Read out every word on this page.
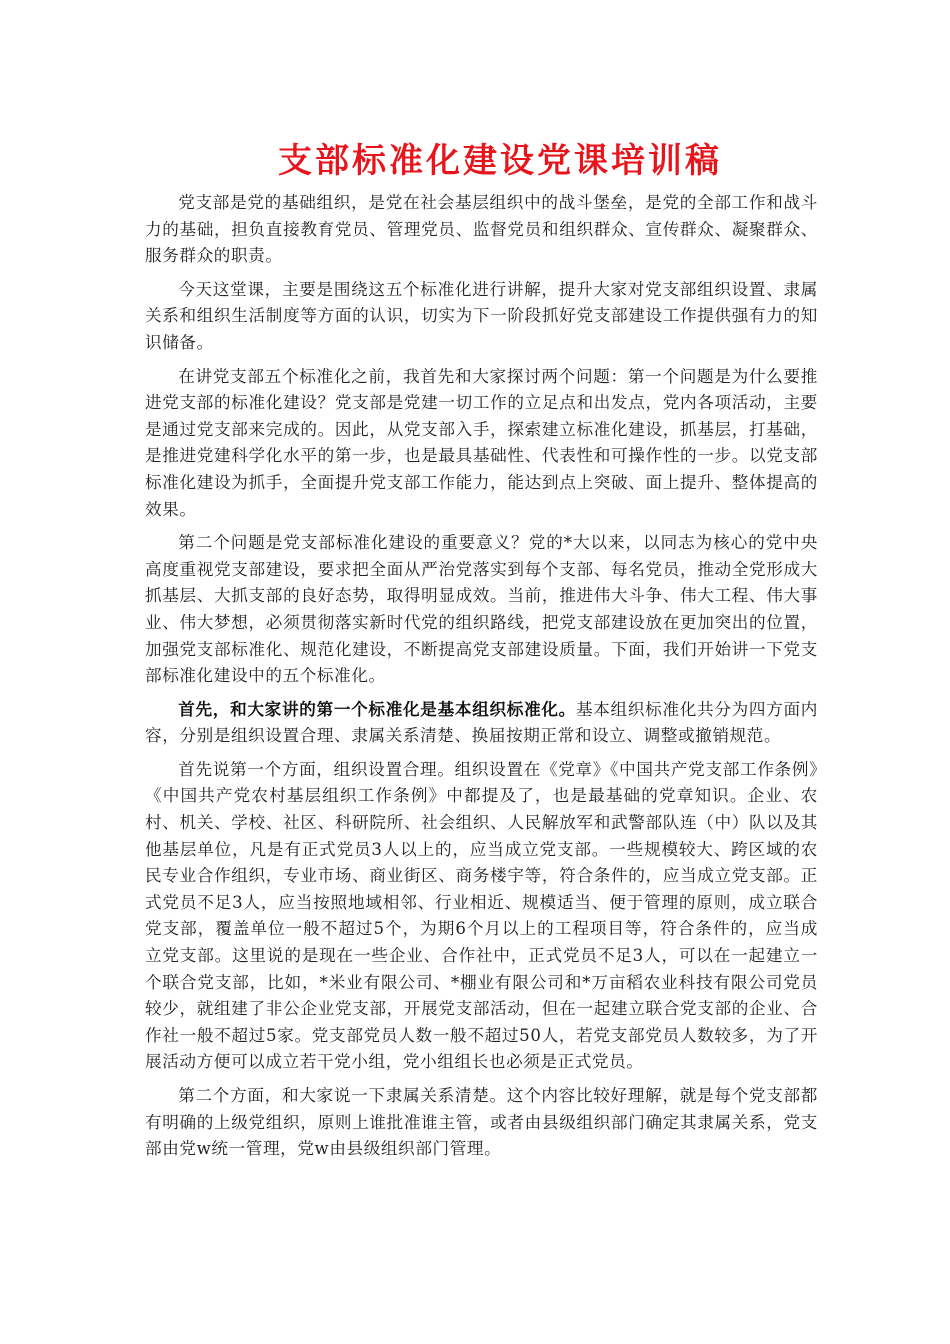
支部标准化建设党课培训稿

党支部是党的基础组织，是党在社会基层组织中的战斗堡垒，是党的全部工作和战斗力的基础，担负直接教育党员、管理党员、监督党员和组织群众、宣传群众、凝聚群众、服务群众的职责。

今天这堂课，主要是围绕这五个标准化进行讲解，提升大家对党支部组织设置、隶属关系和组织生活制度等方面的认识，切实为下一阶段抓好党支部建设工作提供强有力的知识储备。

在讲党支部五个标准化之前，我首先和大家探讨两个问题：第一个问题是为什么要推进党支部的标准化建设？党支部是党建一切工作的立足点和出发点，党内各项活动，主要是通过党支部来完成的。因此，从党支部入手，探索建立标准化建设，抓基层，打基础，是推进党建科学化水平的第一步，也是最具基础性、代表性和可操作性的一步。以党支部标准化建设为抓手，全面提升党支部工作能力，能达到点上突破、面上提升、整体提高的效果。

第二个问题是党支部标准化建设的重要意义？党的*大以来，以同志为核心的党中央高度重视党支部建设，要求把全面从严治党落实到每个支部、每名党员，推动全党形成大抓基层、大抓支部的良好态势，取得明显成效。当前，推进伟大斗争、伟大工程、伟大事业、伟大梦想，必须贯彻落实新时代党的组织路线，把党支部建设放在更加突出的位置，加强党支部标准化、规范化建设，不断提高党支部建设质量。下面，我们开始讲一下党支部标准化建设中的五个标准化。

首先，和大家讲的第一个标准化是基本组织标准化。基本组织标准化共分为四方面内容，分别是组织设置合理、隶属关系清楚、换届按期正常和设立、调整或撤销规范。

首先说第一个方面，组织设置合理。组织设置在《党章》《中国共产党支部工作条例》《中国共产党农村基层组织工作条例》中都提及了，也是最基础的党章知识。企业、农村、机关、学校、社区、科研院所、社会组织、人民解放军和武警部队连（中）队以及其他基层单位，凡是有正式党员3人以上的，应当成立党支部。一些规模较大、跨区域的农民专业合作组织，专业市场、商业街区、商务楼宇等，符合条件的，应当成立党支部。正式党员不足3人，应当按照地域相邻、行业相近、规模适当、便于管理的原则，成立联合党支部，覆盖单位一般不超过5个，为期6个月以上的工程项目等，符合条件的，应当成立党支部。这里说的是现在一些企业、合作社中，正式党员不足3人，可以在一起建立一个联合党支部，比如，*米业有限公司、*棚业有限公司和*万亩稻农业科技有限公司党员较少，就组建了非公企业党支部，开展党支部活动，但在一起建立联合党支部的企业、合作社一般不超过5家。党支部党员人数一般不超过50人，若党支部党员人数较多，为了开展活动方便可以成立若干党小组，党小组组长也必须是正式党员。

第二个方面，和大家说一下隶属关系清楚。这个内容比较好理解，就是每个党支部都有明确的上级党组织，原则上谁批准谁主管，或者由县级组织部门确定其隶属关系，党支部由党w统一管理，党w由县级组织部门管理。
